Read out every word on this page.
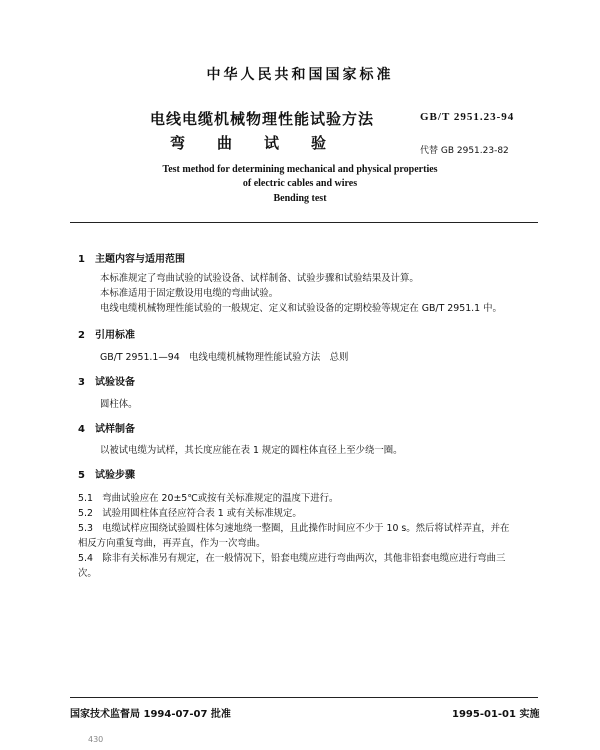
中华人民共和国国家标准
电线电缆机械物理性能试验方法
弯曲试验
GB/T 2951.23-94
代替 GB 2951.23-82
Test method for determining mechanical and physical properties
of electric cables and wires
Bending test
1　主题内容与适用范围
本标准规定了弯曲试验的试验设备、试样制备、试验步骤和试验结果及计算。
本标准适用于固定敷设用电缆的弯曲试验。
电线电缆机械物理性能试验的一般规定、定义和试验设备的定期校验等规定在 GB/T 2951.1 中。
2　引用标准
GB/T 2951.1—94　电线电缆机械物理性能试验方法　总则
3　试验设备
圆柱体。
4　试样制备
以被试电缆为试样，其长度应能在表 1 规定的圆柱体直径上至少绕一圈。
5　试验步骤
5.1　弯曲试验应在 20±5℃或按有关标准规定的温度下进行。
5.2　试验用圆柱体直径应符合表 1 或有关标准规定。
5.3　电缆试样应围绕试验圆柱体匀速地绕一整圈，且此操作时间应不少于 10 s。然后将试样弄直，并在
相反方向重复弯曲，再弄直，作为一次弯曲。
5.4　除非有关标准另有规定，在一般情况下，铅套电缆应进行弯曲两次，其他非铅套电缆应进行弯曲三
次。
国家技术监督局 1994-07-07 批准	1995-01-01 实施
430
